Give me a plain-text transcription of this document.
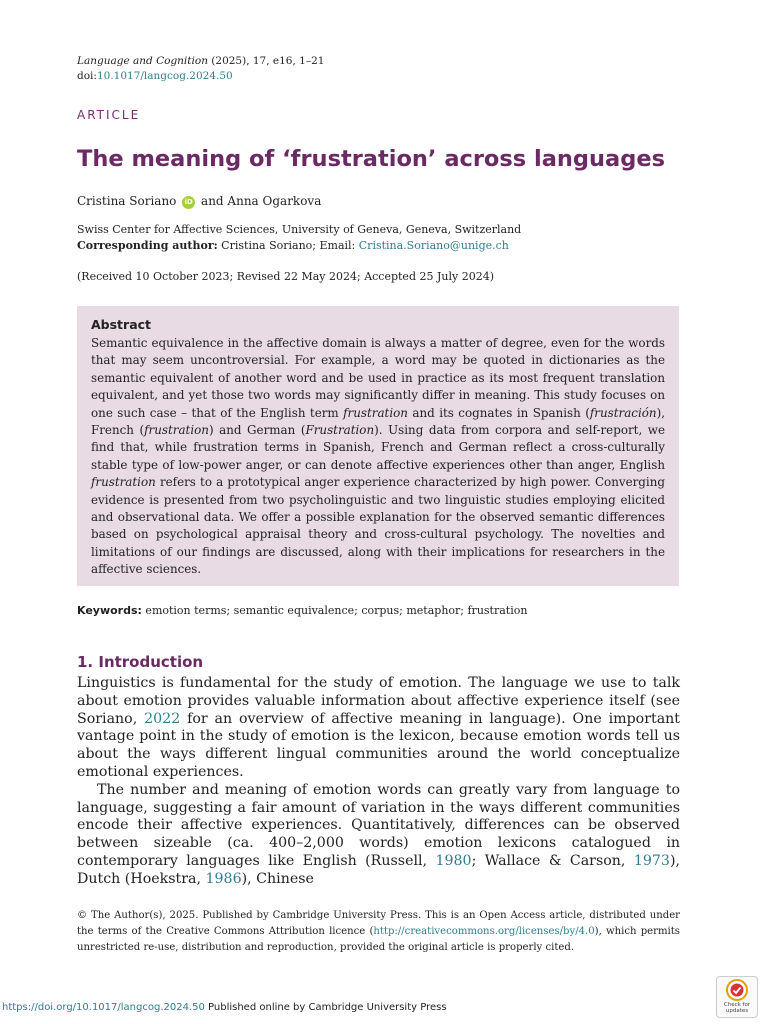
Language and Cognition (2025), 17, e16, 1–21
doi:10.1017/langcog.2024.50
ARTICLE
The meaning of ‘frustration’ across languages
Cristina Soriano iD and Anna Ogarkova
Swiss Center for Affective Sciences, University of Geneva, Geneva, Switzerland
Corresponding author: Cristina Soriano; Email: Cristina.Soriano@unige.ch
(Received 10 October 2023; Revised 22 May 2024; Accepted 25 July 2024)
Abstract

Semantic equivalence in the affective domain is always a matter of degree, even for the words that may seem uncontroversial. For example, a word may be quoted in dictionaries as the semantic equivalent of another word and be used in practice as its most frequent translation equivalent, and yet those two words may significantly differ in meaning. This study focuses on one such case – that of the English term frustration and its cognates in Spanish (frustración), French (frustration) and German (Frustration). Using data from corpora and self-report, we find that, while frustration terms in Spanish, French and German reflect a cross-culturally stable type of low-power anger, or can denote affective experiences other than anger, English frustration refers to a prototypical anger experience characterized by high power. Converging evidence is presented from two psycholinguistic and two linguistic studies employing elicited and observational data. We offer a possible explanation for the observed semantic differences based on psychological appraisal theory and cross-cultural psychology. The novelties and limitations of our findings are discussed, along with their implications for researchers in the affective sciences.

Keywords: emotion terms; semantic equivalence; corpus; metaphor; frustration
1. Introduction

Linguistics is fundamental for the study of emotion. The language we use to talk about emotion provides valuable information about affective experience itself (see Soriano, 2022 for an overview of affective meaning in language). One important vantage point in the study of emotion is the lexicon, because emotion words tell us about the ways different lingual communities around the world conceptualize emotional experiences.

The number and meaning of emotion words can greatly vary from language to language, suggesting a fair amount of variation in the ways different communities encode their affective experiences. Quantitatively, differences can be observed between sizeable (ca. 400–2,000 words) emotion lexicons catalogued in contemporary languages like English (Russell, 1980; Wallace & Carson, 1973), Dutch (Hoekstra, 1986), Chinese

© The Author(s), 2025. Published by Cambridge University Press. This is an Open Access article, distributed under the terms of the Creative Commons Attribution licence (http://creativecommons.org/licenses/by/4.0), which permits unrestricted re-use, distribution and reproduction, provided the original article is properly cited.
https://doi.org/10.1017/langcog.2024.50 Published online by Cambridge University Press	Check for
updates
